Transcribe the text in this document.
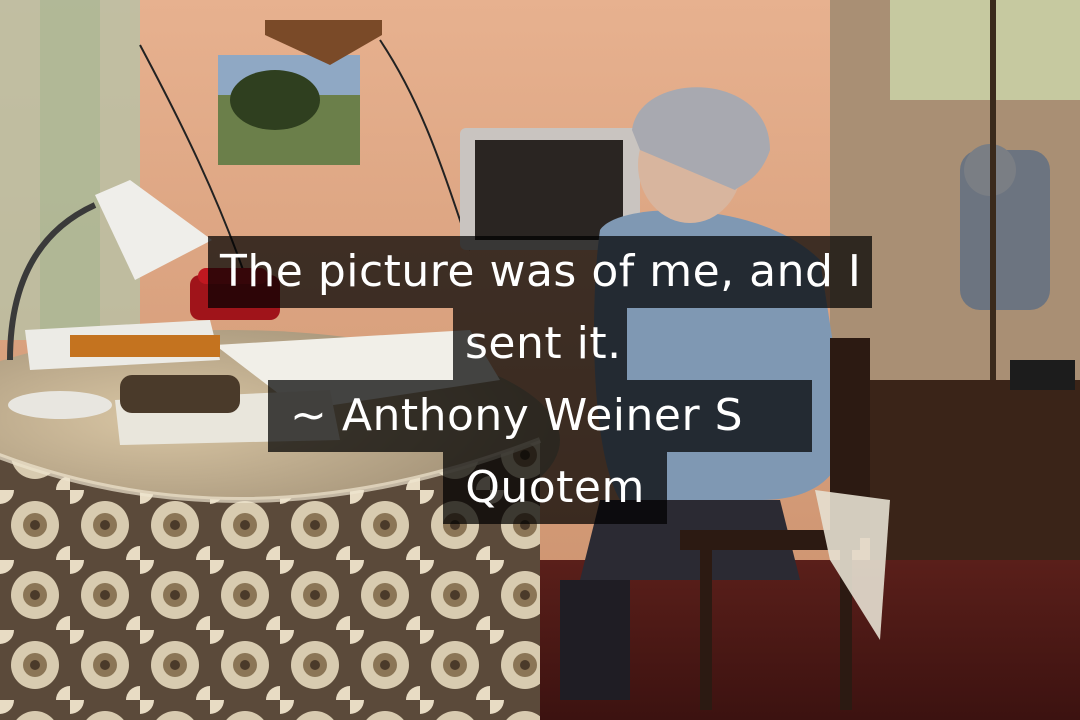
The picture was of me, and I
sent it.
~ Anthony Weiner S
Quotem
